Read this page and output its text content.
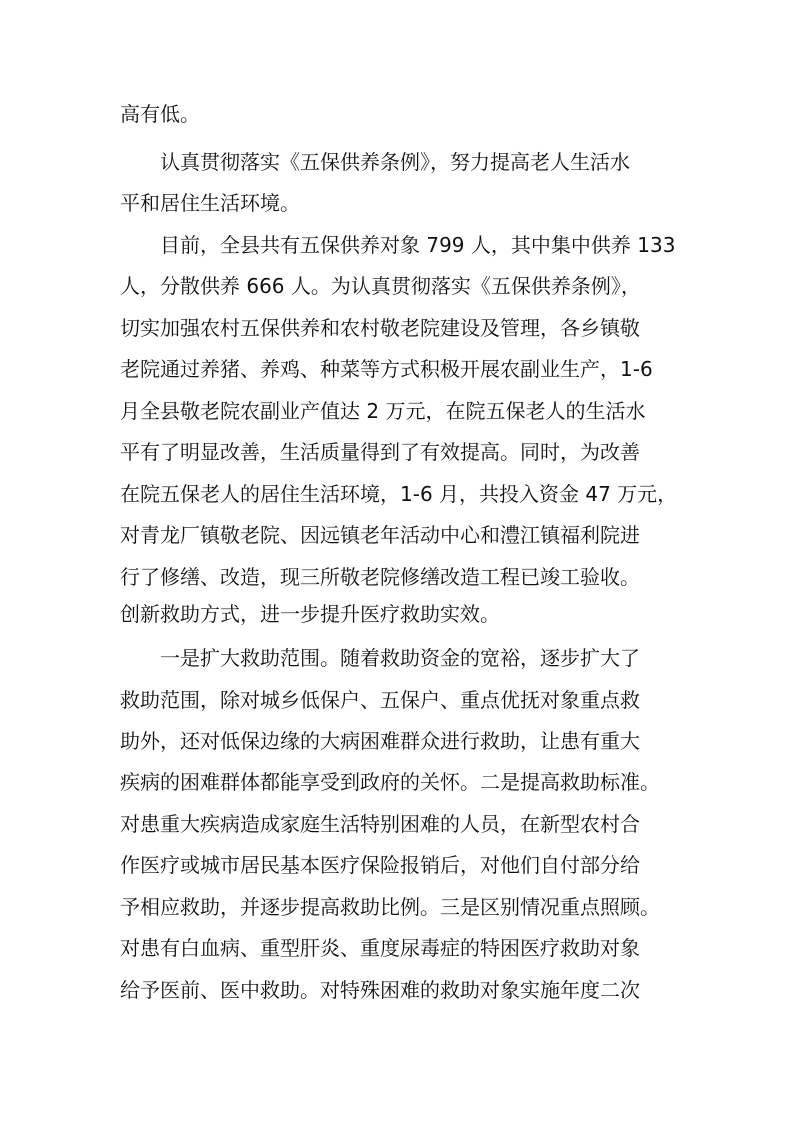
高有低。
认真贯彻落实《五保供养条例》，努力提高老人生活水
平和居住生活环境。
目前，全县共有五保供养对象 799 人，其中集中供养 133
人，分散供养 666 人。为认真贯彻落实《五保供养条例》，
切实加强农村五保供养和农村敬老院建设及管理，各乡镇敬
老院通过养猪、养鸡、种菜等方式积极开展农副业生产，1-6
月全县敬老院农副业产值达 2 万元，在院五保老人的生活水
平有了明显改善，生活质量得到了有效提高。同时，为改善
在院五保老人的居住生活环境，1-6 月，共投入资金 47 万元，
对青龙厂镇敬老院、因远镇老年活动中心和澧江镇福利院进
行了修缮、改造，现三所敬老院修缮改造工程已竣工验收。
创新救助方式，进一步提升医疗救助实效。
一是扩大救助范围。随着救助资金的宽裕，逐步扩大了
救助范围，除对城乡低保户、五保户、重点优抚对象重点救
助外，还对低保边缘的大病困难群众进行救助，让患有重大
疾病的困难群体都能享受到政府的关怀。二是提高救助标准。
对患重大疾病造成家庭生活特别困难的人员，在新型农村合
作医疗或城市居民基本医疗保险报销后，对他们自付部分给
予相应救助，并逐步提高救助比例。三是区别情况重点照顾。
对患有白血病、重型肝炎、重度尿毒症的特困医疗救助对象
给予医前、医中救助。对特殊困难的救助对象实施年度二次
